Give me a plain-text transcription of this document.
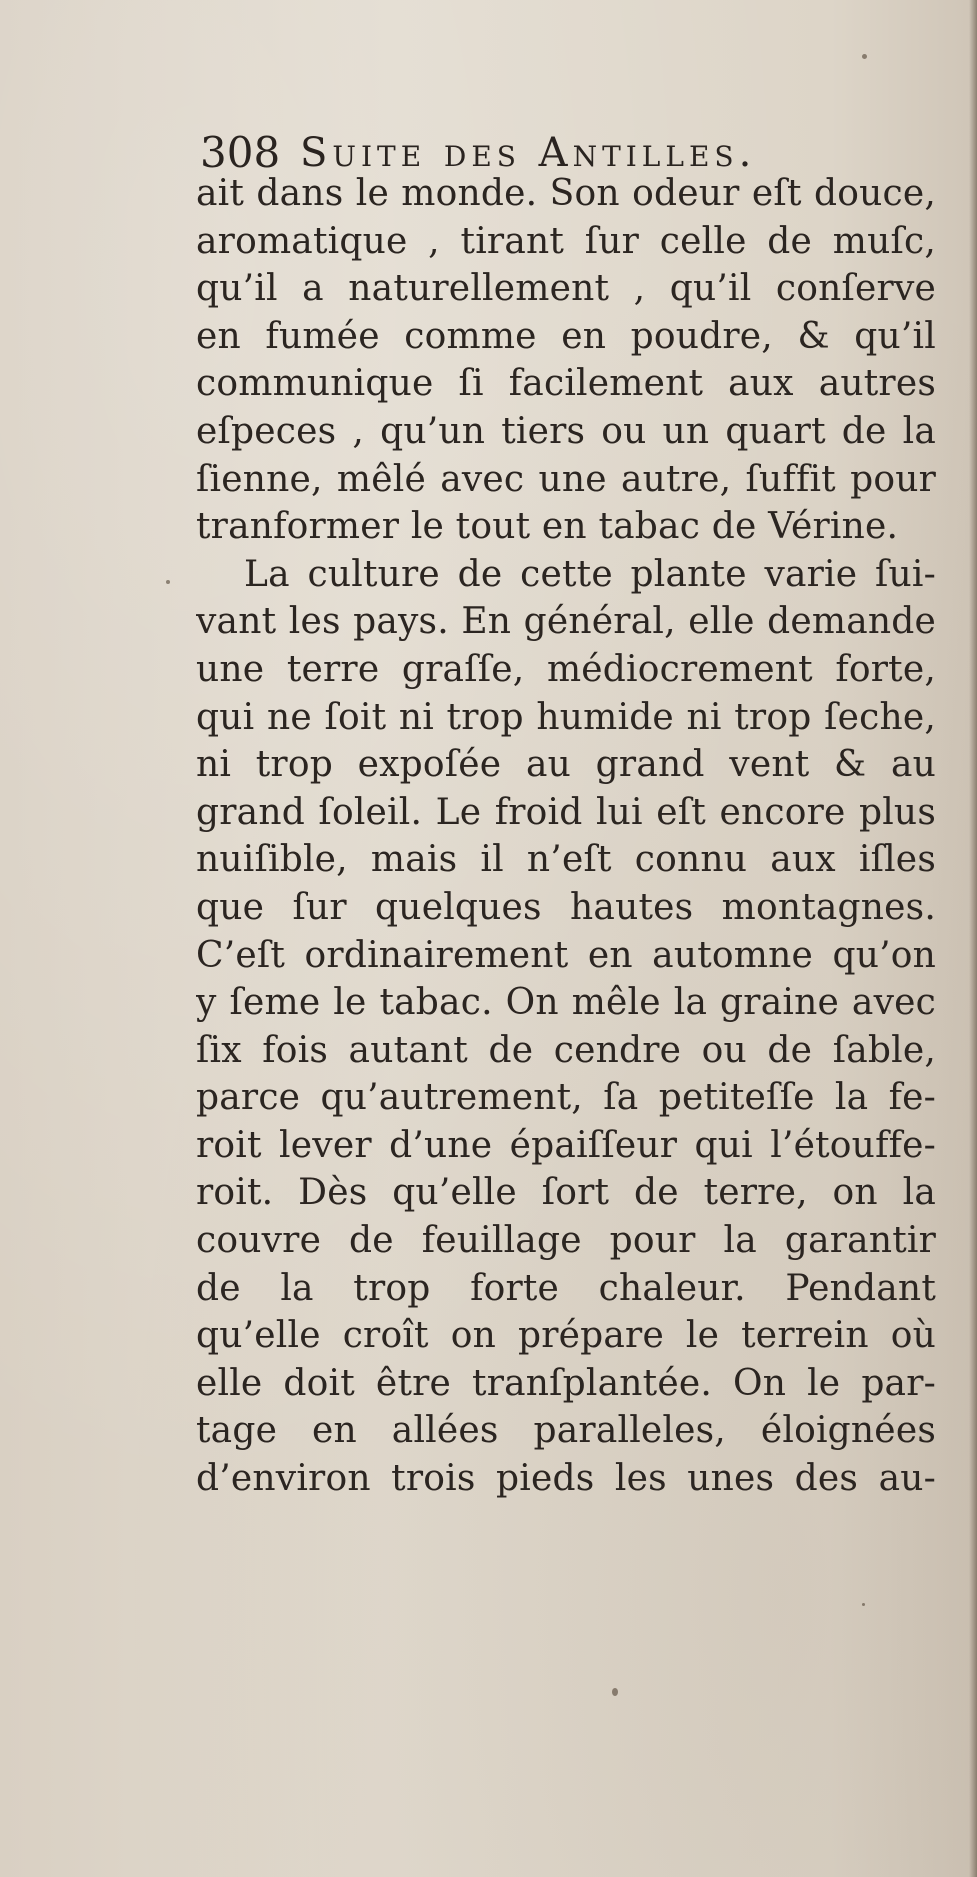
308 Suite des Antilles.
ait dans le monde. Son odeur eſt douce,
aromatique , tirant ſur celle de muſc,
qu’il a naturellement , qu’il conſerve
en fumée comme en poudre, & qu’il
communique ſi facilement aux autres
eſpeces , qu’un tiers ou un quart de la
ſienne, mêlé avec une autre, ſuffit pour
tranformer le tout en tabac de Vérine.
La culture de cette plante varie ſui-
vant les pays. En général, elle demande
une terre graſſe, médiocrement forte,
qui ne ſoit ni trop humide ni trop ſeche,
ni trop expoſée au grand vent & au
grand ſoleil. Le froid lui eſt encore plus
nuiſible, mais il n’eſt connu aux iſles
que ſur quelques hautes montagnes.
C’eſt ordinairement en automne qu’on
y ſeme le tabac. On mêle la graine avec
ſix fois autant de cendre ou de ſable,
parce qu’autrement, ſa petiteſſe la fe-
roit lever d’une épaiſſeur qui l’étouffe-
roit. Dès qu’elle ſort de terre, on la
couvre de feuillage pour la garantir
de la trop forte chaleur. Pendant
qu’elle croît on prépare le terrein où
elle doit être tranſplantée. On le par-
tage en allées paralleles, éloignées
d’environ trois pieds les unes des au-
